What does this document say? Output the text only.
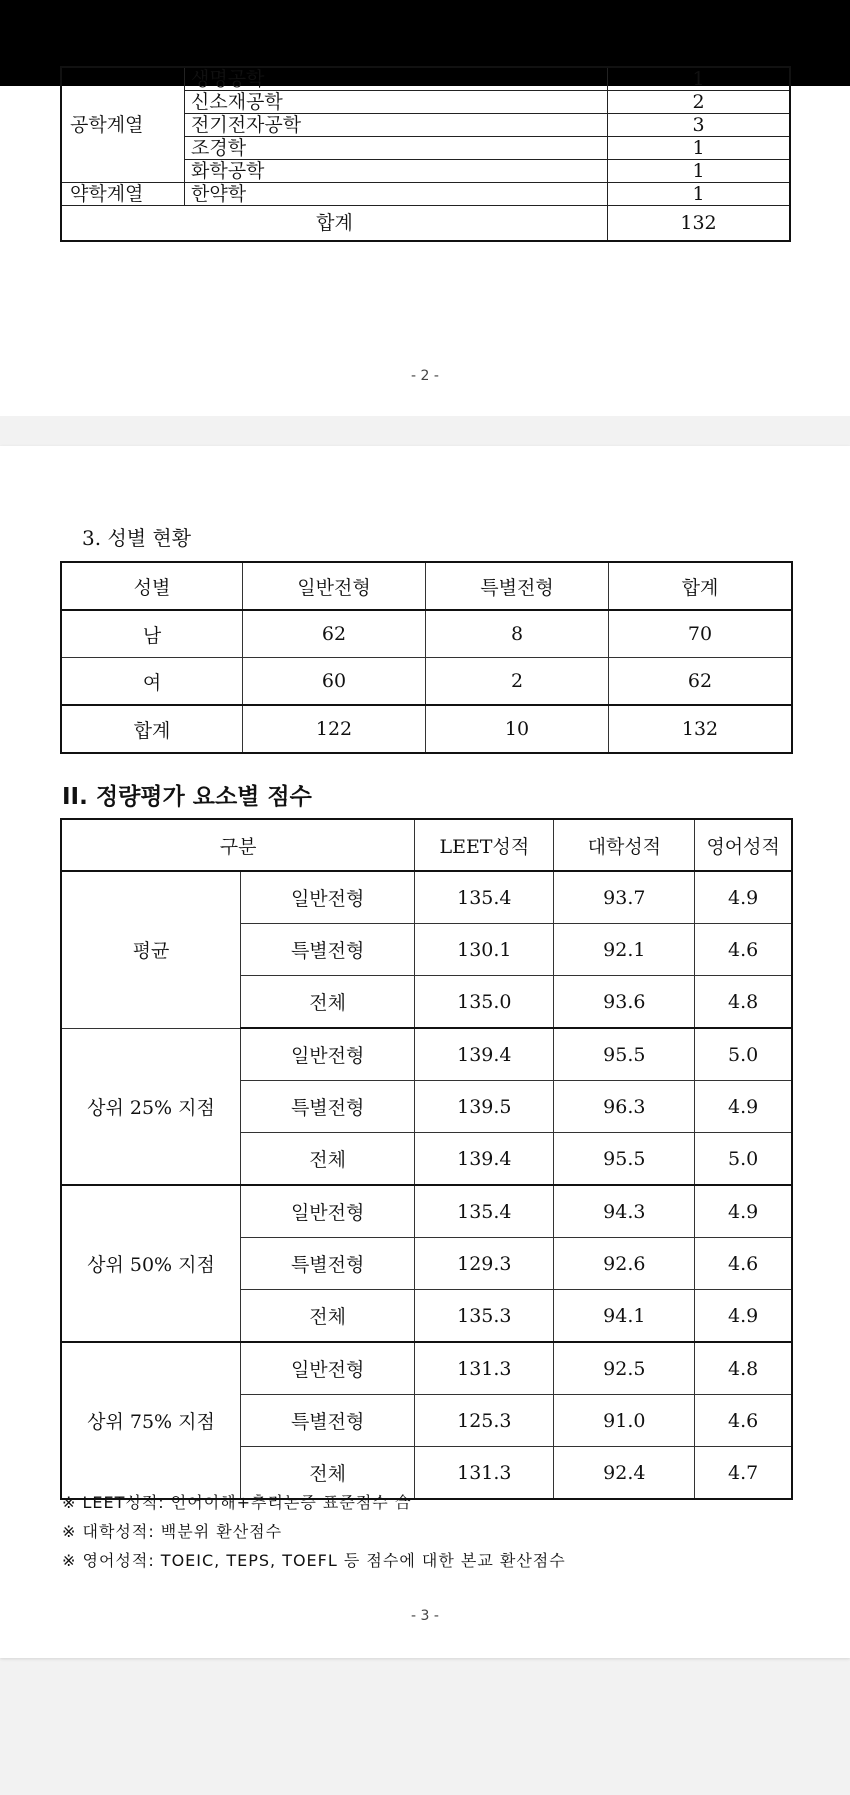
공학계열	생명공학	1
	신소재공학	2
	전기전자공학	3
	조경학	1
	화학공학	1
약학계열	한약학	1
합계		132
- 2 -
3. 성별 현황
성별	일반전형	특별전형	합계
남	62	8	70
여	60	2	62
합계	122	10	132
II. 정량평가 요소별 점수
구분		LEET성적	대학성적	영어성적
평균	일반전형	135.4	93.7	4.9
	특별전형	130.1	92.1	4.6
	전체	135.0	93.6	4.8
상위 25% 지점	일반전형	139.4	95.5	5.0
	특별전형	139.5	96.3	4.9
	전체	139.4	95.5	5.0
상위 50% 지점	일반전형	135.4	94.3	4.9
	특별전형	129.3	92.6	4.6
	전체	135.3	94.1	4.9
상위 75% 지점	일반전형	131.3	92.5	4.8
	특별전형	125.3	91.0	4.6
	전체	131.3	92.4	4.7
※ LEET성적: 언어이해+추리논증 표준점수 合
※ 대학성적: 백분위 환산점수
※ 영어성적: TOEIC, TEPS, TOEFL 등 점수에 대한 본교 환산점수
- 3 -
